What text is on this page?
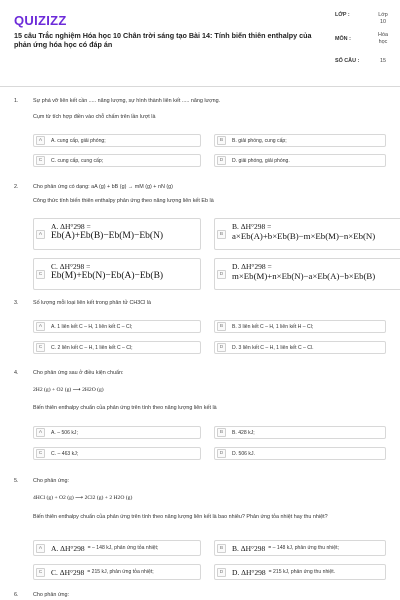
QUIZIZZ
15 câu Trắc nghiệm Hóa học 10 Chân trời sáng tạo Bài 14: Tính biến thiên enthalpy của phản ứng hóa học có đáp án
LỚP :	Lớp 10
MÔN :
Hóa học
SỐ CÂU :	15
1.	Sự phá vỡ liên kết cần ..... năng lượng, sự hình thành liên kết ..... năng lượng.
Cụm từ tích hợp điền vào chỗ chấm trên lần lượt là
A	A. cung cấp, giải phóng;	B	B. giải phóng, cung cấp;
C	C. cung cấp, cung cấp;	D	D. giải phóng, giải phóng.
2.	Cho phản ứng có dạng: aA (g) + bB (g) → mM (g) + nN (g)
Công thức tính biến thiên enthalpy phản ứng theo năng lượng liên kết Eb là
A
A. ΔH°298 =
Eb(A)+Eb(B)−Eb(M)−Eb(N)	B
B. ΔH°298 =
a×Eb(A)+b×Eb(B)−m×Eb(M)−n×Eb(N)
C
C. ΔH°298 =
Eb(M)+Eb(N)−Eb(A)−Eb(B)	D
D. ΔH°298 =
m×Eb(M)+n×Eb(N)−a×Eb(A)−b×Eb(B)
3.	Số lượng mỗi loại liên kết trong phân tử CH3Cl là
A	A. 1 liên kết C – H, 1 liên kết C – Cl;	B	B. 3 liên kết C – H, 1 liên kết H – Cl;
C	C. 2 liên kết C – H, 1 liên kết C – Cl;	D	D. 3 liên kết C – H, 1 liên kết C – Cl.
4.	Cho phản ứng sau ở điều kiện chuẩn:
2H2 (g) + O2 (g) ⟶ 2H2O (g)
Biến thiên enthalpy chuẩn của phản ứng trên tính theo năng lượng liên kết là
A	A. – 506 kJ;	B	B. 428 kJ;
C	C. – 463 kJ;	D	D. 506 kJ.
5.	Cho phản ứng:
4HCl (g) + O2 (g) ⟶ 2Cl2 (g) + 2 H2O (g)
Biến thiên enthalpy chuẩn của phản ứng trên tính theo năng lượng liên kết là bao nhiêu? Phản ứng tỏa nhiệt hay thu nhiệt?
A	A. ΔH°298 = – 148 kJ, phản ứng tỏa nhiệt;	B	B. ΔH°298 = – 148 kJ, phản ứng thu nhiệt;
C	C. ΔH°298 = 215 kJ, phản ứng tỏa nhiệt;	D	D. ΔH°298 = 215 kJ, phản ứng thu nhiệt.
6.	Cho phản ứng:
